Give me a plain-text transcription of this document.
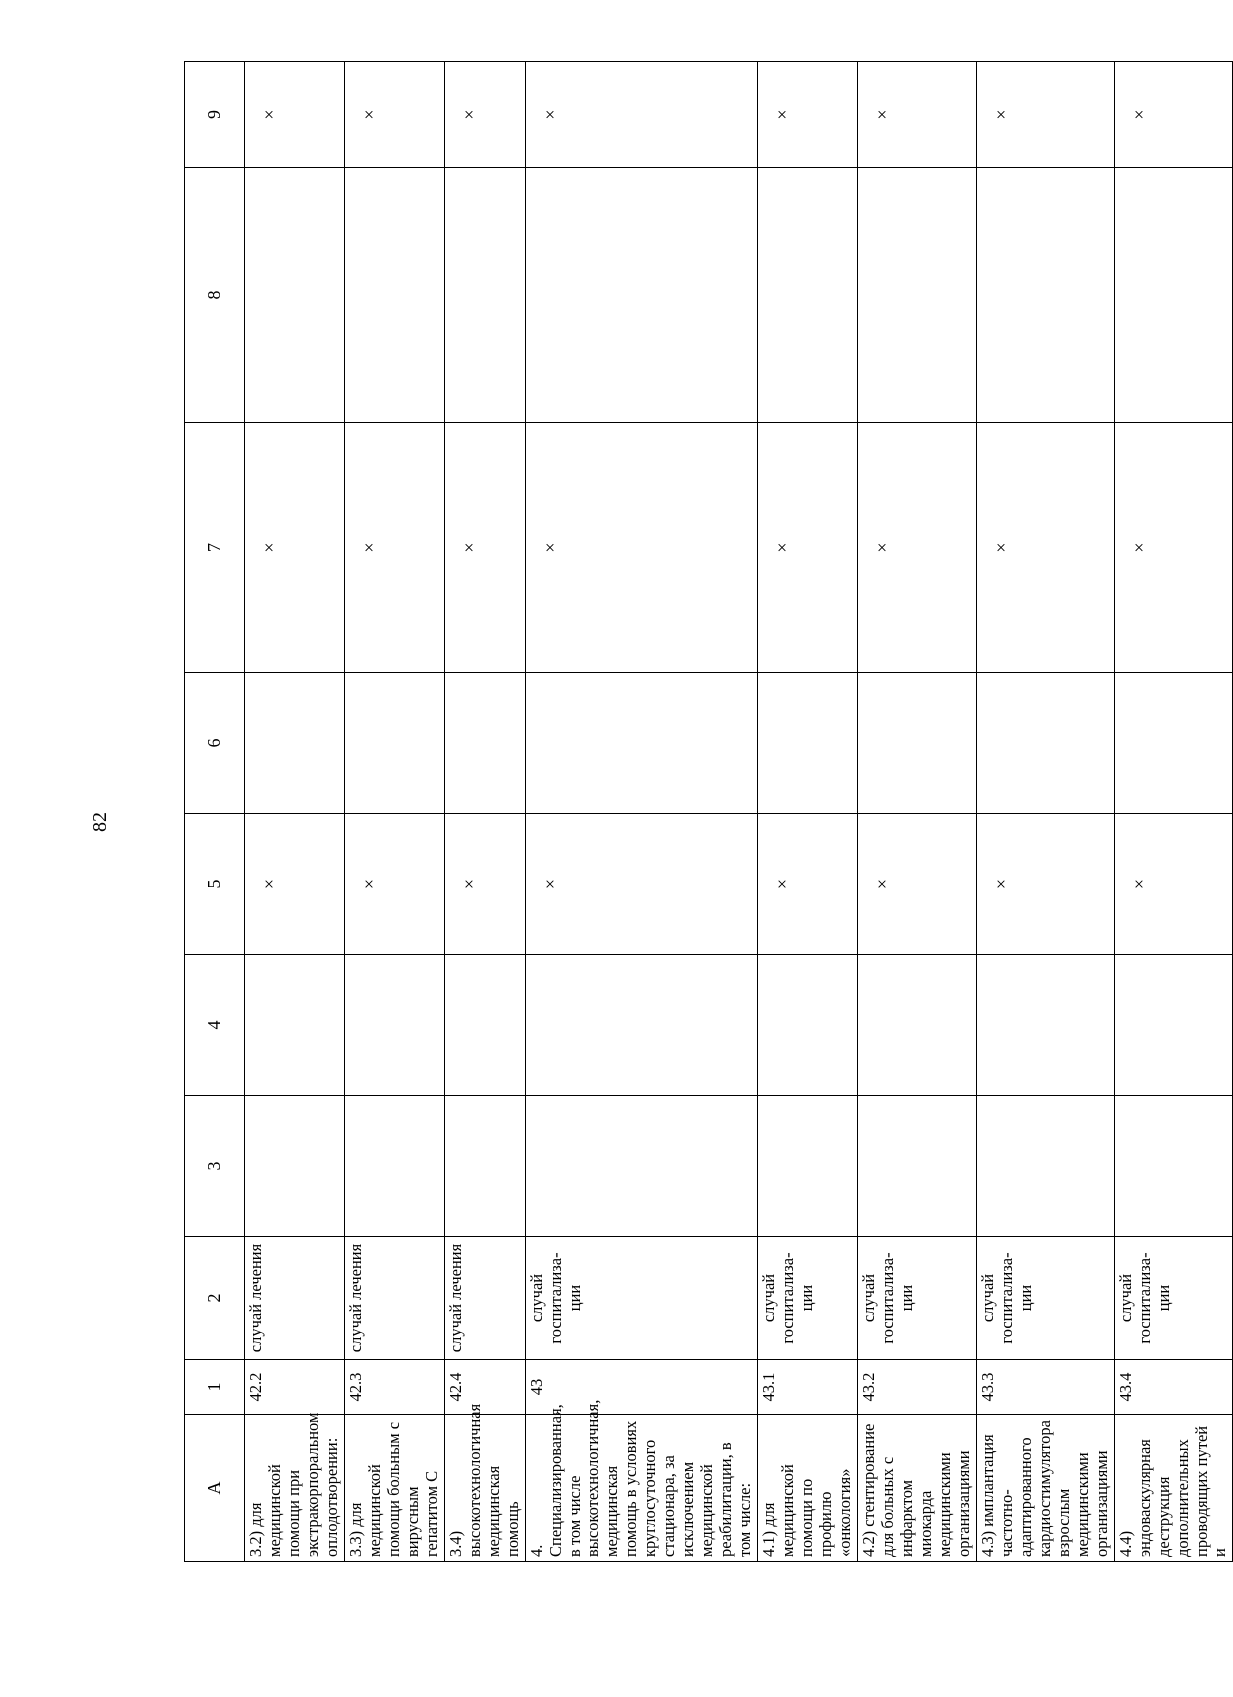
82
A	1	2	3	4	5	6	7	8	9
3.2) для медицинской помощи при экстракорпоральном оплодотворении:	42.2	случай лечения			×		×		×
3.3) для медицинской помощи больным с вирусным гепатитом С	42.3	случай лечения			×		×		×
3.4) высокотехнологичная медицинская помощь	42.4	случай лечения			×		×		×
4. Специализированная, в том числе высокотехнологичная, медицинская помощь в условиях круглосуточного стационара, за исключением медицинской реабилитации, в том числе:	43	случай госпитализа-ции			×		×		×
4.1) для медицинской помощи по профилю «онкология»	43.1	случай госпитализа-ции			×		×		×
4.2) стентирование для больных с инфарктом миокарда медицинскими организациями	43.2	случай госпитализа-ции			×		×		×
4.3) имплантация частотно-адаптированного кардиостимулятора взрослым медицинскими организациями	43.3	случай госпитализа-ции			×		×		×
4.4) эндоваскулярная деструкция дополнительных проводящих путей и	43.4	случай госпитализа-ции			×		×		×
